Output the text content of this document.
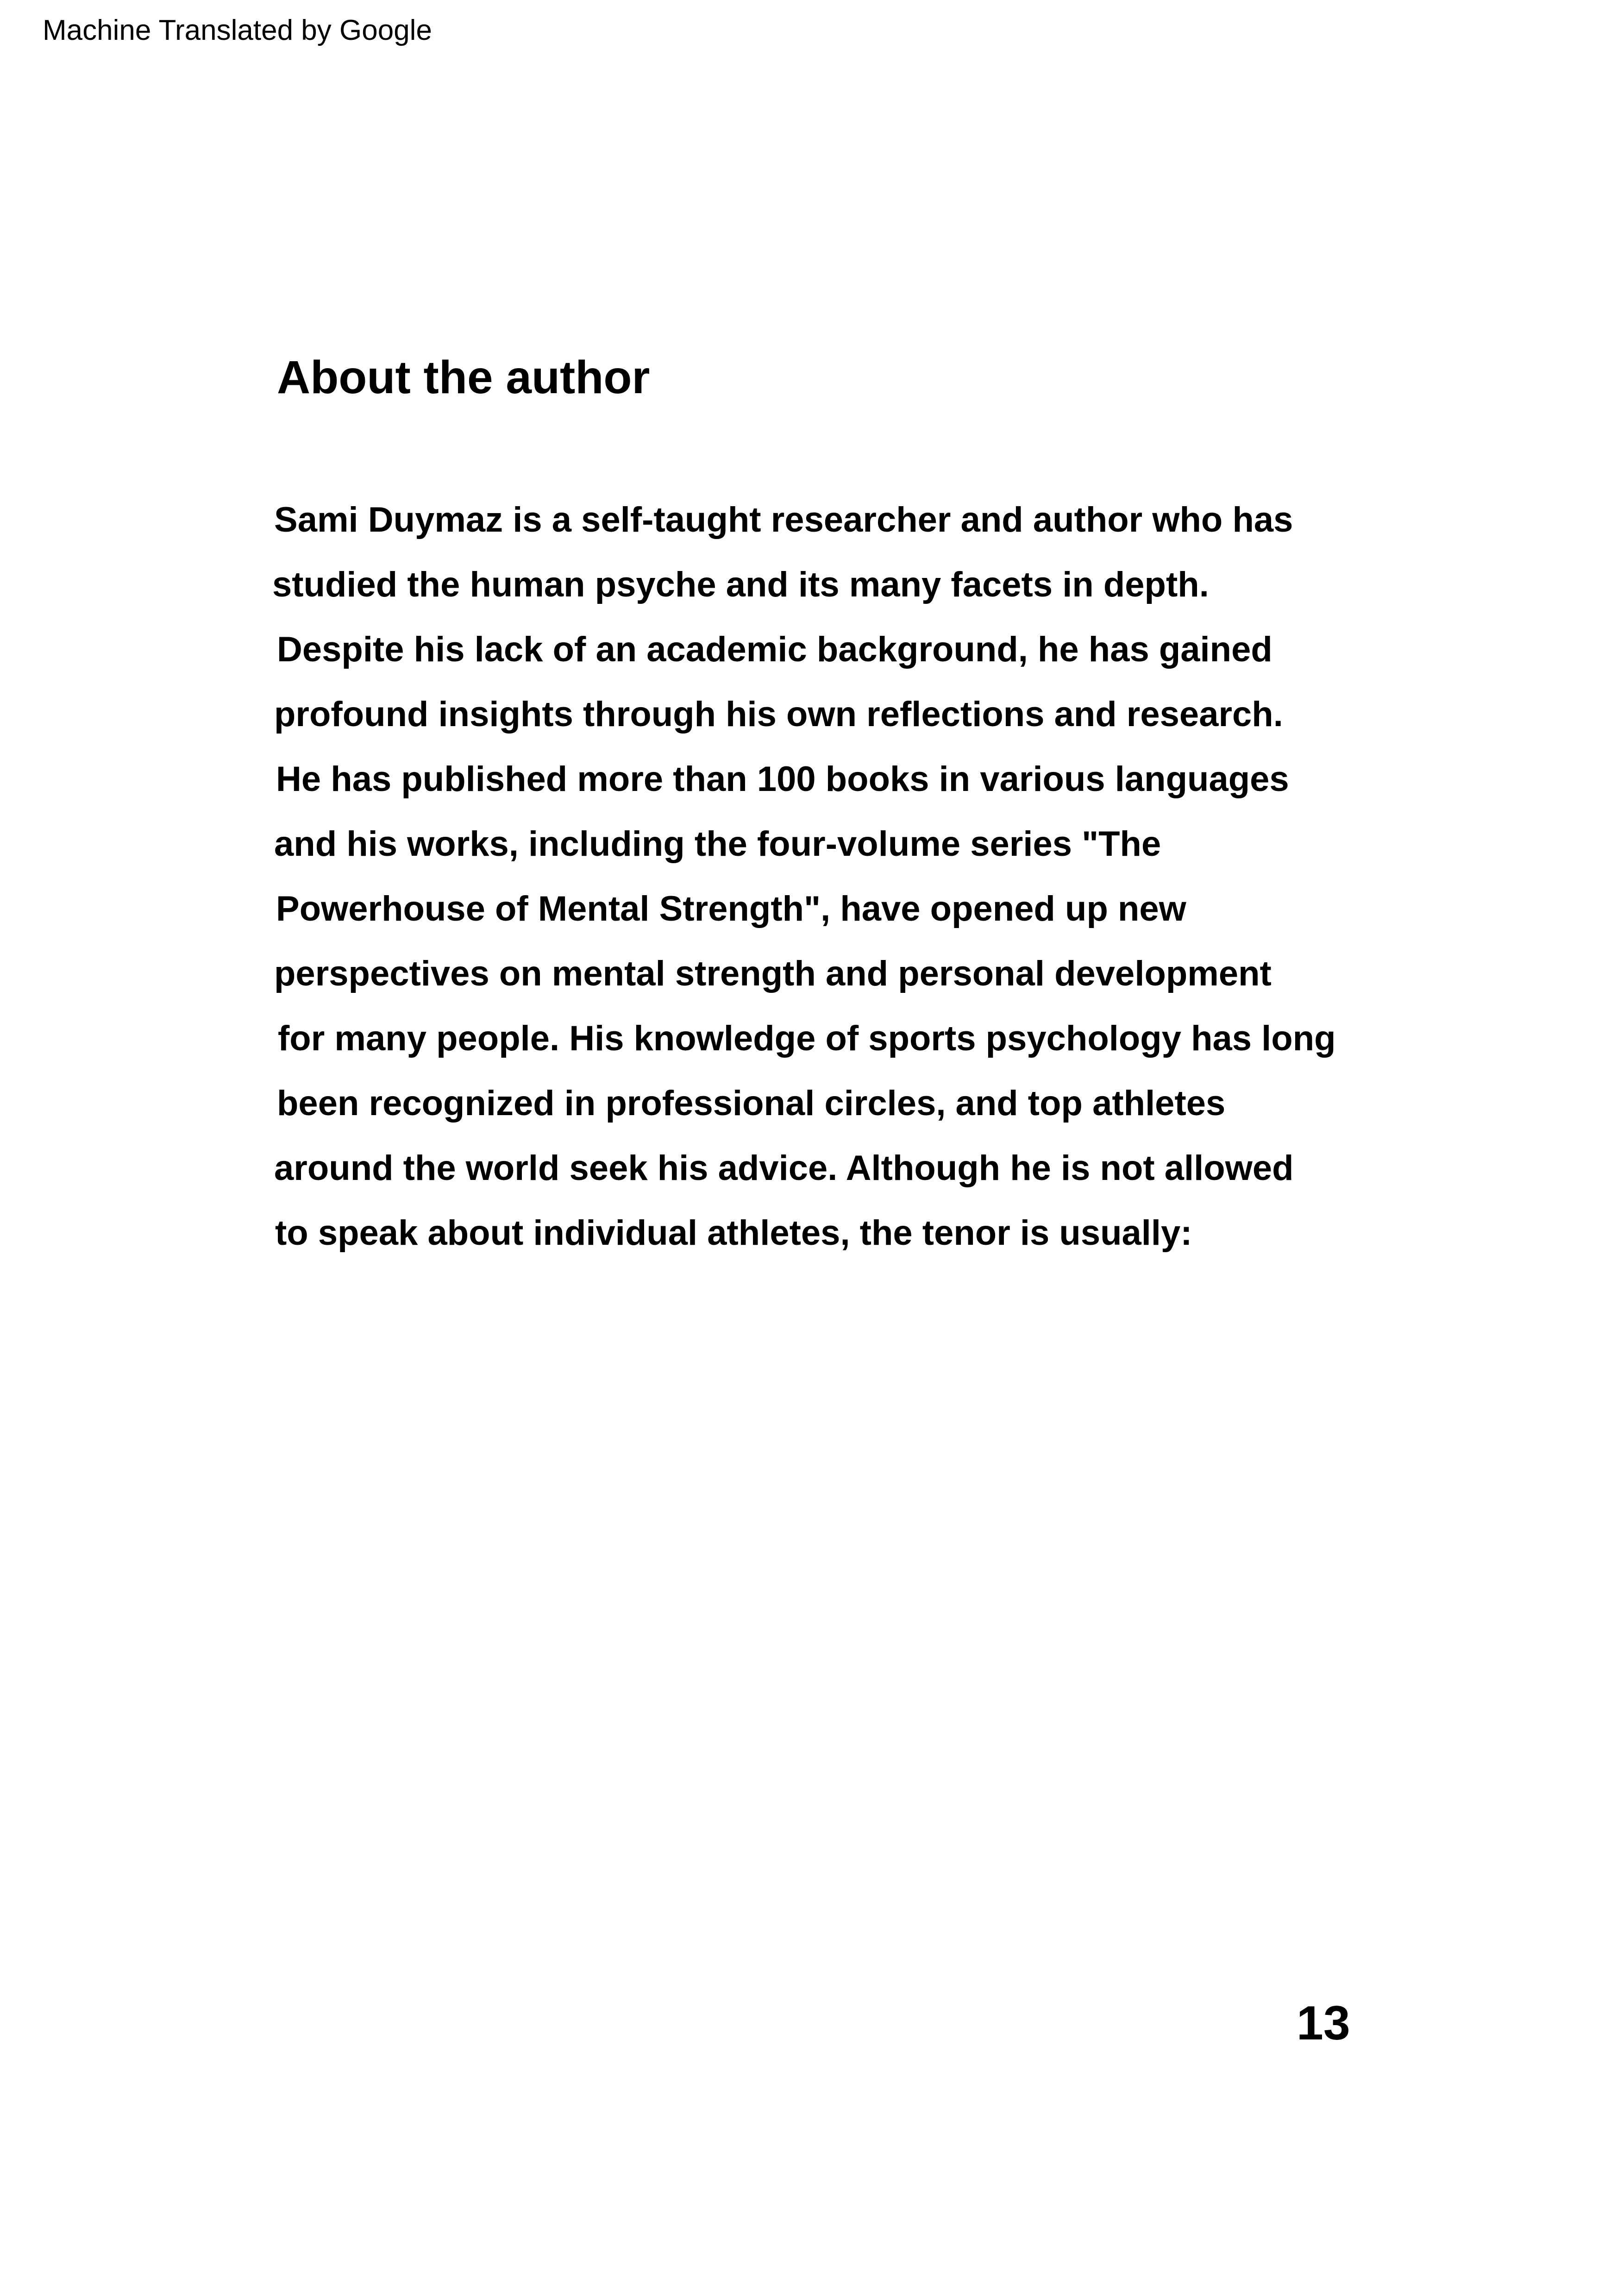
Machine Translated by Google
About the author
Sami Duymaz is a self-taught researcher and author who has
studied the human psyche and its many facets in depth.
Despite his lack of an academic background, he has gained
profound insights through his own reflections and research.
He has published more than 100 books in various languages
and his works, including the four-volume series "The
Powerhouse of Mental Strength", have opened up new
perspectives on mental strength and personal development
for many people. His knowledge of sports psychology has long
been recognized in professional circles, and top athletes
around the world seek his advice. Although he is not allowed
to speak about individual athletes, the tenor is usually:
13
